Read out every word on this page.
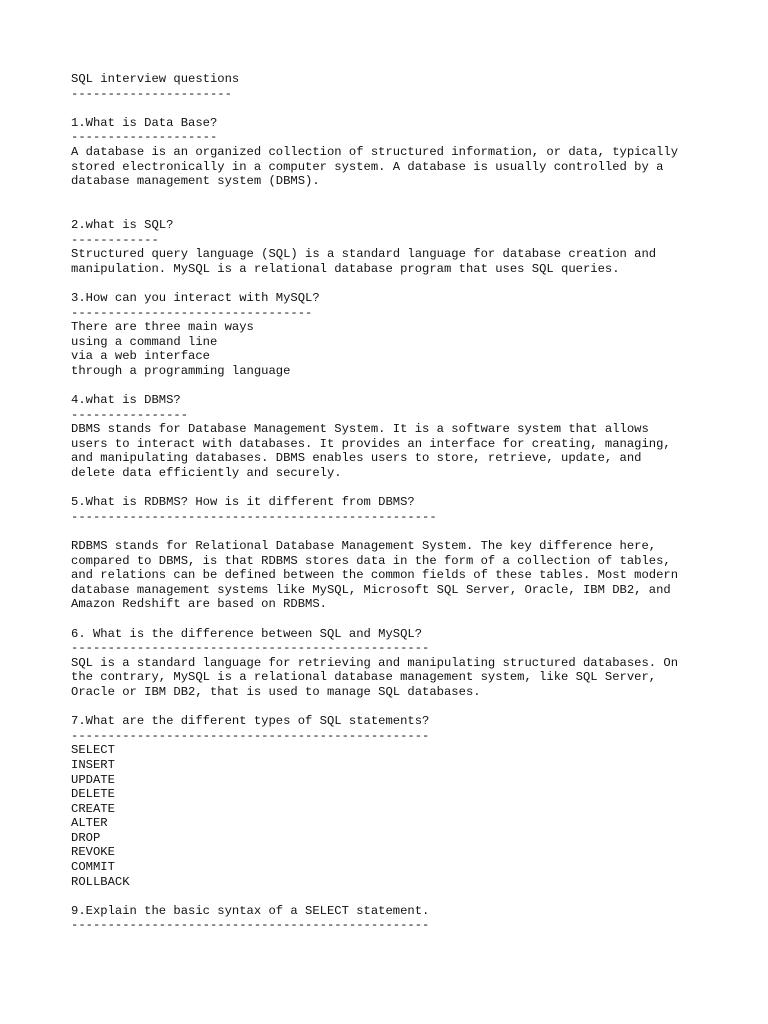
SQL interview questions
----------------------
1.What is Data Base?
--------------------
A database is an organized collection of structured information, or data, typically
stored electronically in a computer system. A database is usually controlled by a
database management system (DBMS).
2.what is SQL?
------------
Structured query language (SQL) is a standard language for database creation and
manipulation. MySQL is a relational database program that uses SQL queries.
3.How can you interact with MySQL?
---------------------------------
There are three main ways
using a command line
via a web interface
through a programming language
4.what is DBMS?
----------------
DBMS stands for Database Management System. It is a software system that allows
users to interact with databases. It provides an interface for creating, managing,
and manipulating databases. DBMS enables users to store, retrieve, update, and
delete data efficiently and securely.
5.What is RDBMS? How is it different from DBMS?
--------------------------------------------------
RDBMS stands for Relational Database Management System. The key difference here,
compared to DBMS, is that RDBMS stores data in the form of a collection of tables,
and relations can be defined between the common fields of these tables. Most modern
database management systems like MySQL, Microsoft SQL Server, Oracle, IBM DB2, and
Amazon Redshift are based on RDBMS.
6. What is the difference between SQL and MySQL?
-------------------------------------------------
SQL is a standard language for retrieving and manipulating structured databases. On
the contrary, MySQL is a relational database management system, like SQL Server,
Oracle or IBM DB2, that is used to manage SQL databases.
7.What are the different types of SQL statements?
-------------------------------------------------
SELECT
INSERT
UPDATE
DELETE
CREATE
ALTER
DROP
REVOKE
COMMIT
ROLLBACK
9.Explain the basic syntax of a SELECT statement.
-------------------------------------------------
